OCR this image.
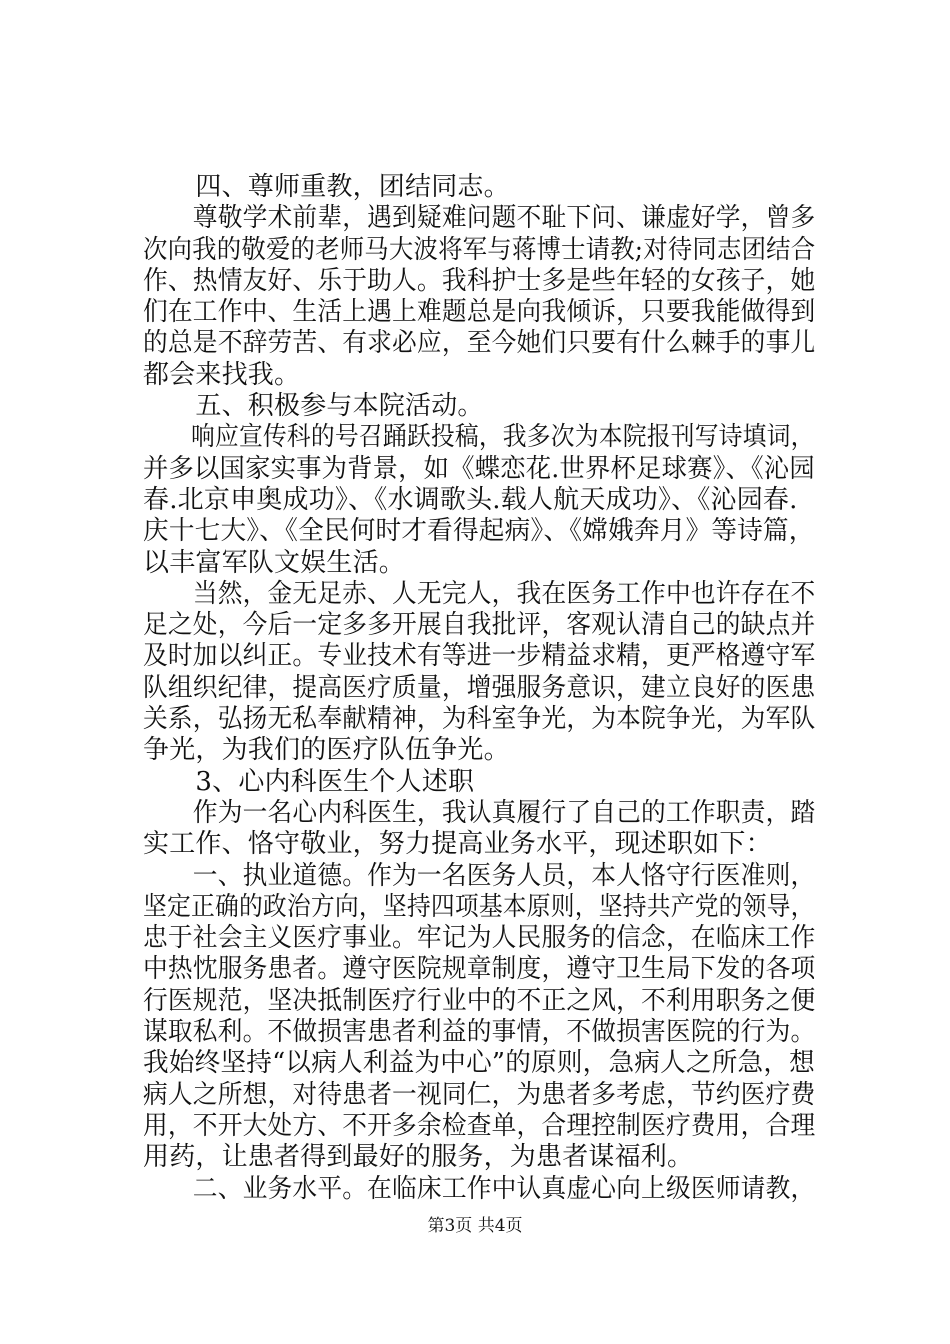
　　四、尊师重教，团结同志。
　　尊敬学术前辈，遇到疑难问题不耻下问、谦虚好学，曾多
次向我的敬爱的老师马大波将军与蒋博士请教;对待同志团结合
作、热情友好、乐于助人。我科护士多是些年轻的女孩子，她
们在工作中、生活上遇上难题总是向我倾诉，只要我能做得到
的总是不辞劳苦、有求必应，至今她们只要有什么棘手的事儿
都会来找我。
　　五、积极参与本院活动。
　　响应宣传科的号召踊跃投稿，我多次为本院报刊写诗填词，
并多以国家实事为背景，如《蝶恋花.世界杯足球赛》、《沁园
春.北京申奥成功》、《水调歌头.载人航天成功》、《沁园春.
庆十七大》、《全民何时才看得起病》、《嫦娥奔月》等诗篇，
以丰富军队文娱生活。
　　当然，金无足赤、人无完人，我在医务工作中也许存在不
足之处，今后一定多多开展自我批评，客观认清自己的缺点并
及时加以纠正。专业技术有等进一步精益求精，更严格遵守军
队组织纪律，提高医疗质量，增强服务意识，建立良好的医患
关系，弘扬无私奉献精神，为科室争光，为本院争光，为军队
争光，为我们的医疗队伍争光。
　　3、心内科医生个人述职
　　作为一名心内科医生，我认真履行了自己的工作职责，踏
实工作、恪守敬业，努力提高业务水平，现述职如下：
　　一、执业道德。作为一名医务人员，本人恪守行医准则，
坚定正确的政治方向，坚持四项基本原则，坚持共产党的领导，
忠于社会主义医疗事业。牢记为人民服务的信念，在临床工作
中热忱服务患者。遵守医院规章制度，遵守卫生局下发的各项
行医规范，坚决抵制医疗行业中的不正之风，不利用职务之便
谋取私利。不做损害患者利益的事情，不做损害医院的行为。
我始终坚持“以病人利益为中心”的原则，急病人之所急，想
病人之所想，对待患者一视同仁，为患者多考虑，节约医疗费
用，不开大处方、不开多余检查单，合理控制医疗费用，合理
用药，让患者得到最好的服务，为患者谋福利。
　　二、业务水平。在临床工作中认真虚心向上级医师请教，
第3页 共4页
